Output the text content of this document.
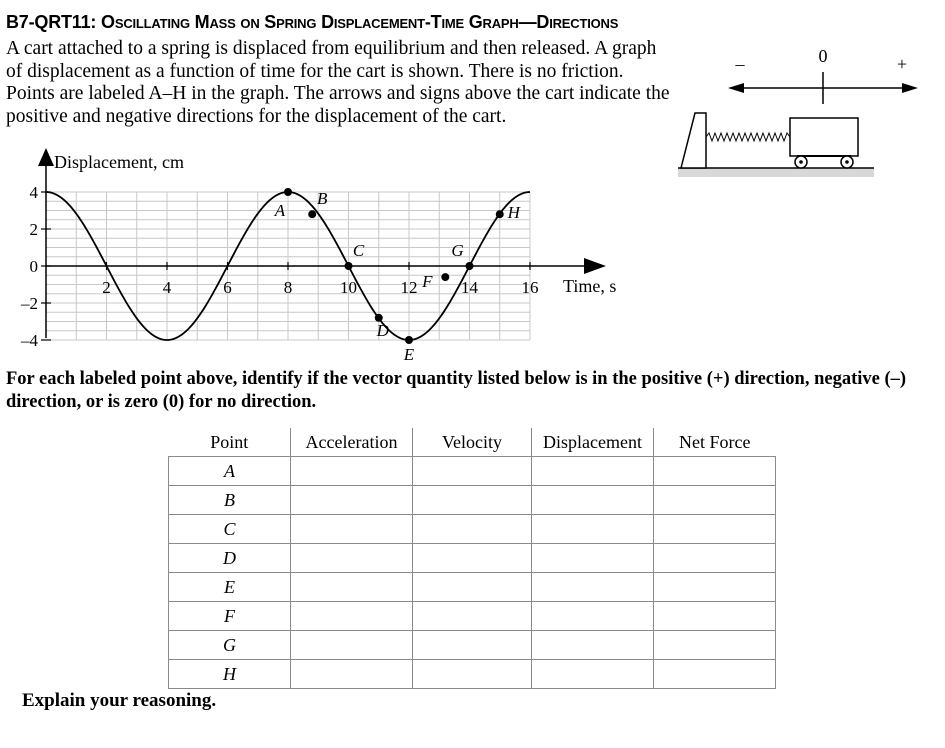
B7-QRT11: Oscillating Mass on Spring Displacement-Time Graph—Directions
A cart attached to a spring is displaced from equilibrium and then released. A graph of displacement as a function of time for the cart is shown. There is no friction. Points are labeled A–H in the graph. The arrows and signs above the cart indicate the positive and negative directions for the displacement of the cart.
–	0	+
Displacement, cm
Time, s
2	4	6	8	10	12	14	16
4
2
0
–2
–4
A
B
C
D
E
F
G
H
For each labeled point above, identify if the vector quantity listed below is in the positive (+) direction, negative (–) direction, or is zero (0) for no direction.
Point	Acceleration	Velocity	Displacement	Net Force
A				
B				
C				
D				
E				
F				
G				
H				
Explain your reasoning.
